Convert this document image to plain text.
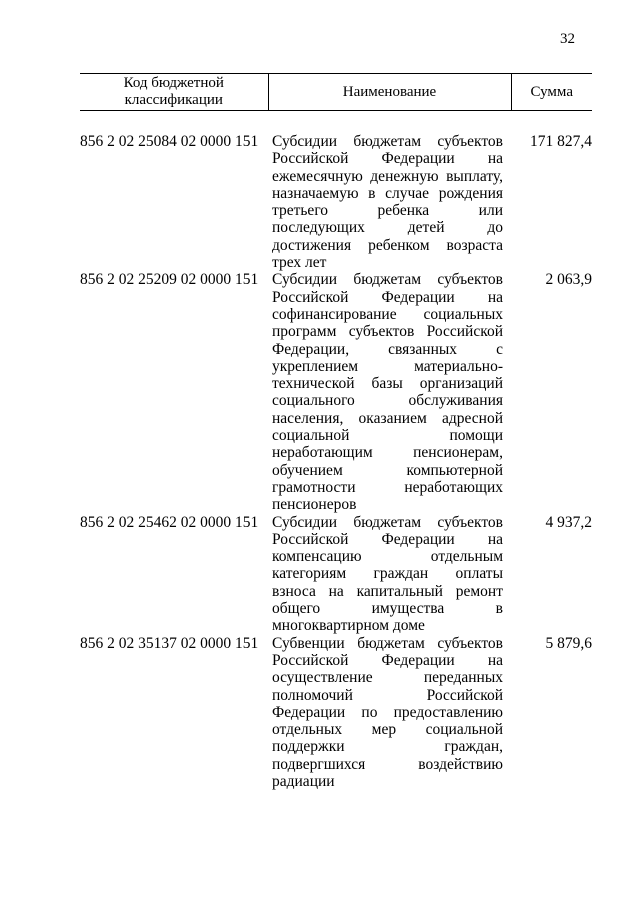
32
Код бюджетной классификации	Наименование	Сумма

856 2 02 25084 02 0000 151	Субсидии бюджетам субъектов Российской Федерации на ежемесячную денежную выплату, назначаемую в случае рождения третьего ребенка или последующих детей до достижения ребенком возраста трех лет	171 827,4
856 2 02 25209 02 0000 151	Субсидии бюджетам субъектов Российской Федерации на софинансирование социальных программ субъектов Российской Федерации, связанных с укреплением материально-технической базы организаций социального обслуживания населения, оказанием адресной социальной помощи неработающим пенсионерам, обучением компьютерной грамотности неработающих пенсионеров	2 063,9
856 2 02 25462 02 0000 151	Субсидии бюджетам субъектов Российской Федерации на компенсацию отдельным категориям граждан оплаты взноса на капитальный ремонт общего имущества в многоквартирном доме	4 937,2
856 2 02 35137 02 0000 151	Субвенции бюджетам субъектов Российской Федерации на осуществление переданных полномочий Российской Федерации по предоставлению отдельных мер социальной поддержки граждан, подвергшихся воздействию радиации	5 879,6
